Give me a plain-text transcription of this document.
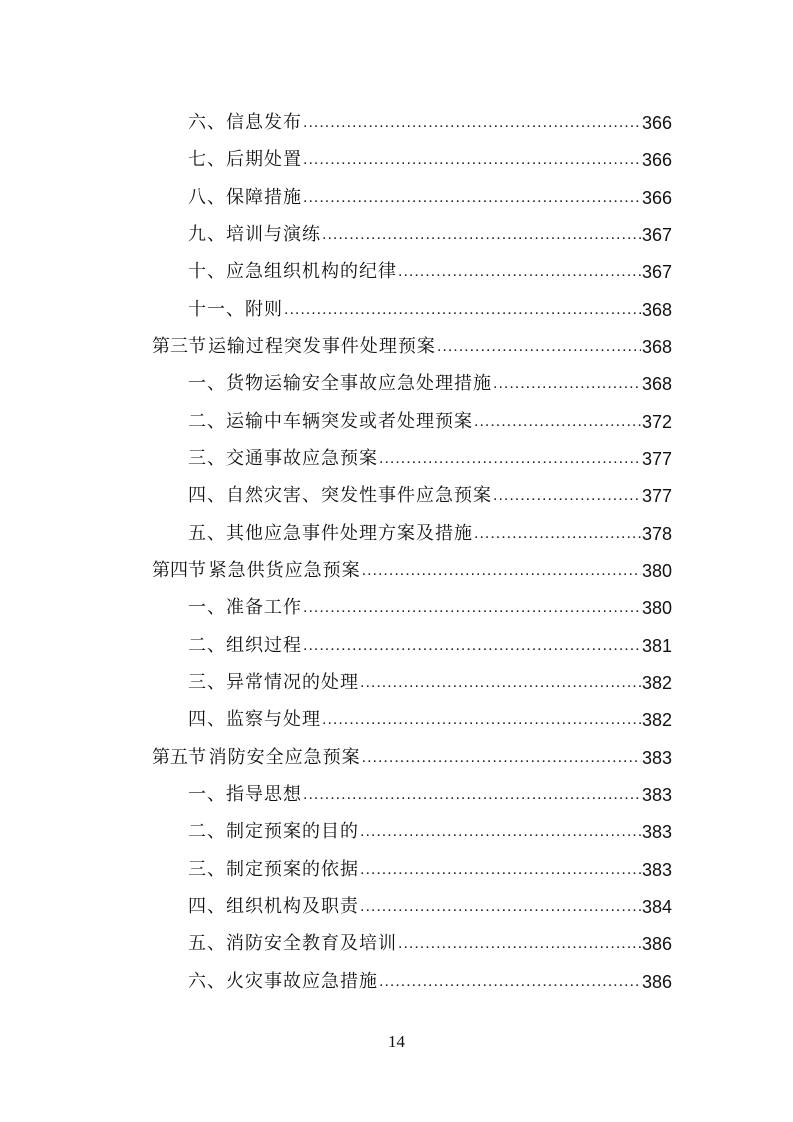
六、信息发布 .....	366
七、后期处置 .....	366
八、保障措施 .....	366
九、培训与演练 .....	367
十、应急组织机构的纪律 .....	367
十一、附则 .....	368
第三节 运输过程突发事件处理预案 .....	368
一、货物运输安全事故应急处理措施 .....	368
二、运输中车辆突发或者处理预案 .....	372
三、交通事故应急预案 .....	377
四、自然灾害、突发性事件应急预案 .....	377
五、其他应急事件处理方案及措施 .....	378
第四节 紧急供货应急预案 .....	380
一、准备工作 .....	380
二、组织过程 .....	381
三、异常情况的处理 .....	382
四、监察与处理 .....	382
第五节 消防安全应急预案 .....	383
一、指导思想 .....	383
二、制定预案的目的 .....	383
三、制定预案的依据 .....	383
四、组织机构及职责 .....	384
五、消防安全教育及培训 .....	386
六、火灾事故应急措施 .....	386
14
